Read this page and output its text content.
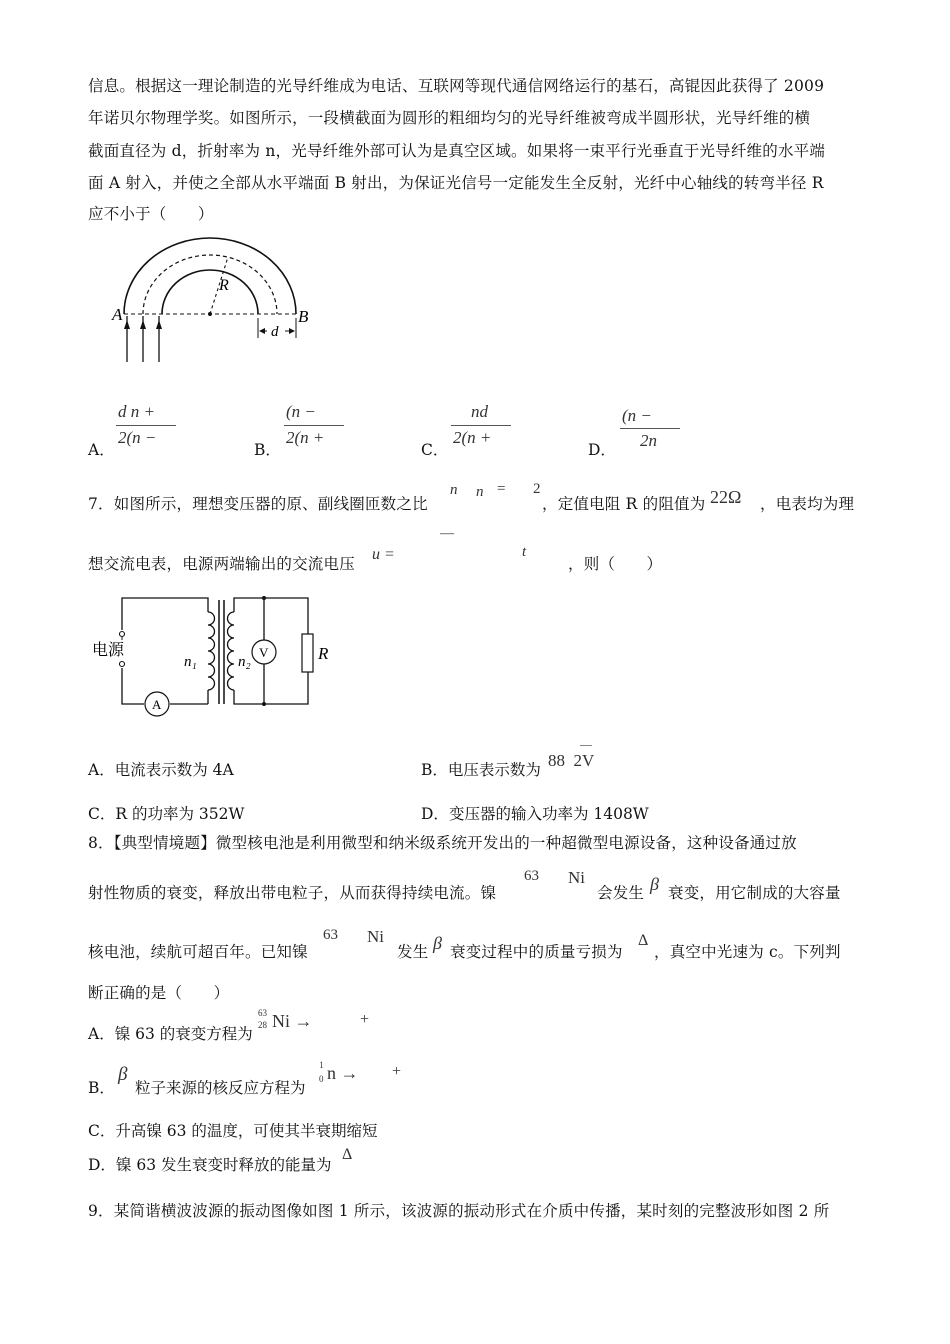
信息。根据这一理论制造的光导纤维成为电话、互联网等现代通信网络运行的基石，高锟因此获得了 2009
年诺贝尔物理学奖。如图所示，一段横截面为圆形的粗细均匀的光导纤维被弯成半圆形状，光导纤维的横
截面直径为 d，折射率为 n，光导纤维外部可认为是真空区域。如果将一束平行光垂直于光导纤维的水平端
面 A 射入，并使之全部从水平端面 B 射出，为保证光信号一定能发生全反射，光纤中心轴线的转弯半径 R
应不小于（　　）
A	B
R
d
A．
d n +
2(n −
B．
(n −
2(n +
C．
nd
2(n +
D．
(n −
2n
7．如图所示，理想变压器的原、副线圈匝数之比
n n = 2
，定值电阻 R 的阻值为 22Ω ，电表均为理
—
想交流电表，电源两端输出的交流电压
u =	t
，则（　　）
A
电源	V	R
n₁	n₂
A．电流表示数为 4A	B．电压表示数为 88  2V
—
C．R 的功率为 352W	D．变压器的输入功率为 1408W
8．【典型情境题】微型核电池是利用微型和纳米级系统开发出的一种超微型电源设备，这种设备通过放
射性物质的衰变，释放出带电粒子，从而获得持续电流。镍
63 Ni
会发生 β 衰变，用它制成的大容量
核电池，续航可超百年。已知镍
63 Ni
发生 β 衰变过程中的质量亏损为
Δ
，真空中光速为 c。下列判
断正确的是（　　）
A．镍 63 的衰变方程为
63
28 Ni →	+
B．
β
粒子来源的核反应方程为
1
0 n → +
C．升高镍 63 的温度，可使其半衰期缩短
D．镍 63 发生衰变时释放的能量为
Δ
9．某简谐横波波源的振动图像如图 1 所示，该波源的振动形式在介质中传播，某时刻的完整波形如图 2 所
